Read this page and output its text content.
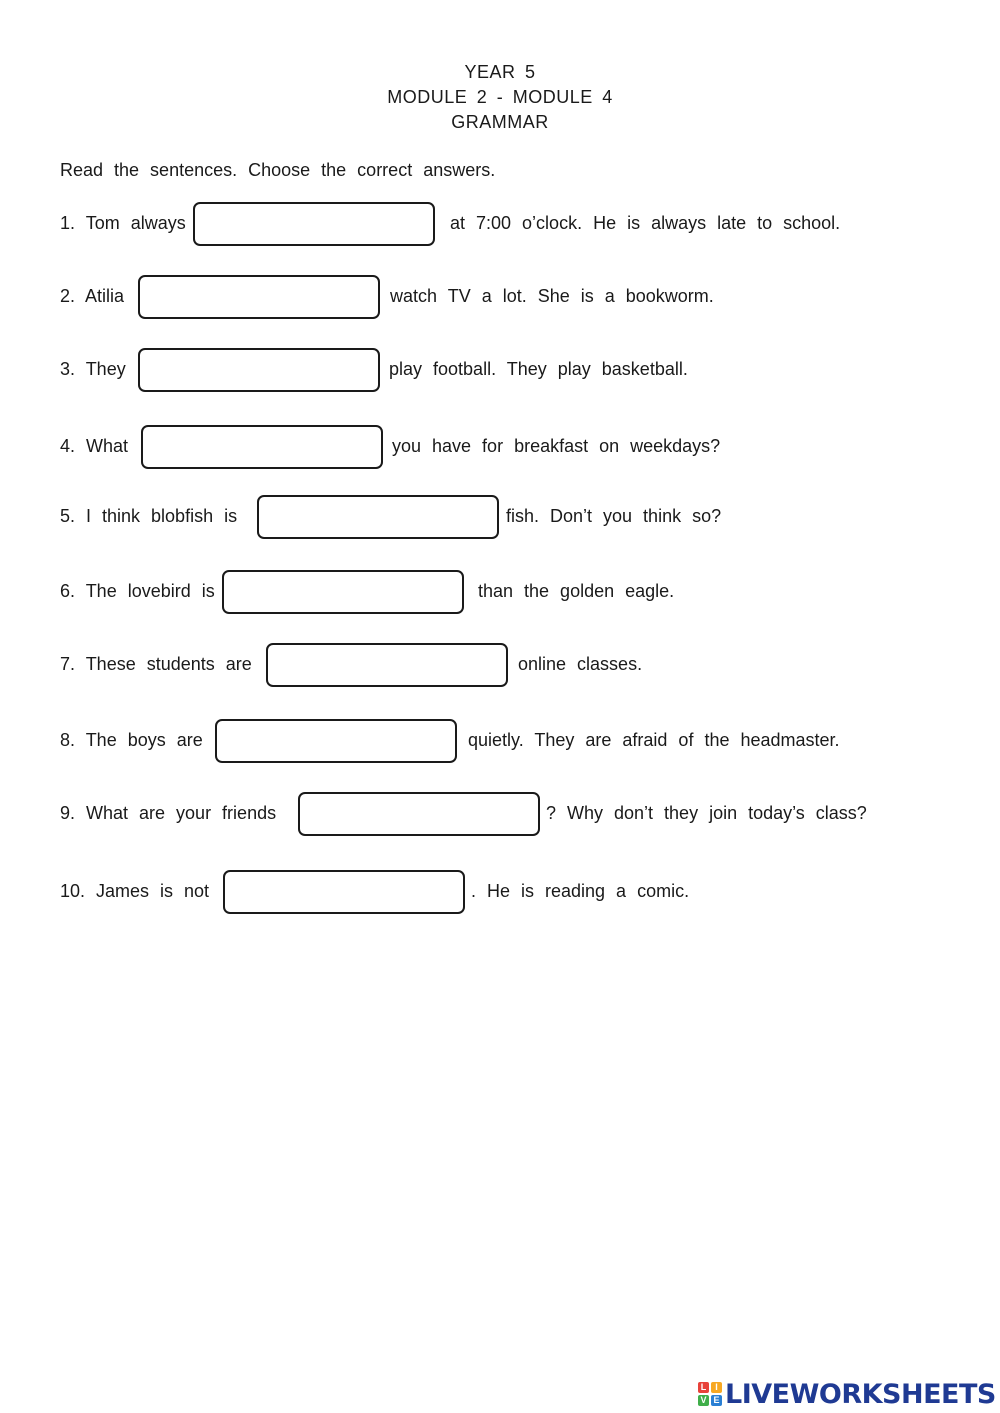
YEAR 5
MODULE 2 - MODULE 4
GRAMMAR
Read the sentences. Choose the correct answers.
1. Tom always	at 7:00 o’clock. He is always late to school.
2. Atilia	watch TV a lot. She is a bookworm.
3. They	play football. They play basketball.
4. What	you have for breakfast on weekdays?
5. I think blobfish is	fish. Don’t you think so?
6. The lovebird is	than the golden eagle.
7. These students are	online classes.
8. The boys are	quietly. They are afraid of the headmaster.
9. What are your friends	? Why don’t they join today’s class?
10. James is not	. He is reading a comic.
L I
V E LIVEWORKSHEETS
